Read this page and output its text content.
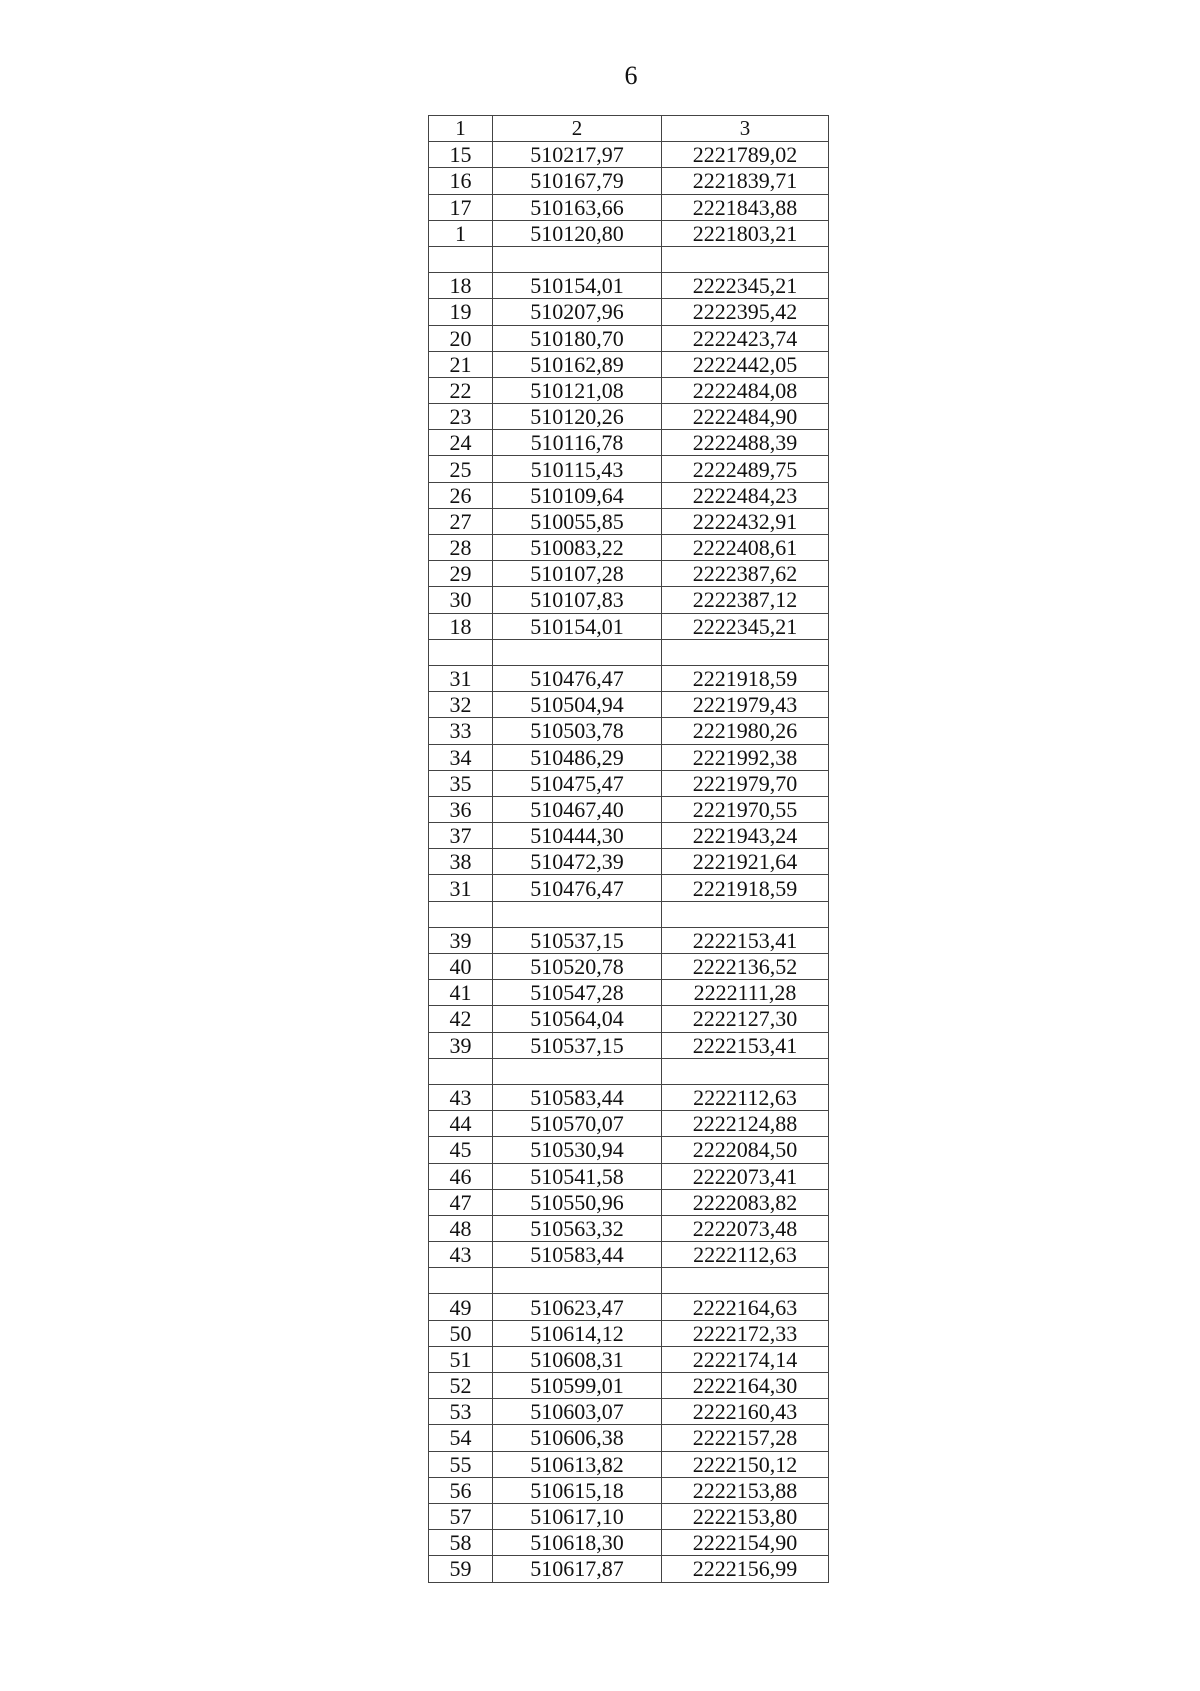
6
1	2	3
15	510217,97	2221789,02
16	510167,79	2221839,71
17	510163,66	2221843,88
1	510120,80	2221803,21

18	510154,01	2222345,21
19	510207,96	2222395,42
20	510180,70	2222423,74
21	510162,89	2222442,05
22	510121,08	2222484,08
23	510120,26	2222484,90
24	510116,78	2222488,39
25	510115,43	2222489,75
26	510109,64	2222484,23
27	510055,85	2222432,91
28	510083,22	2222408,61
29	510107,28	2222387,62
30	510107,83	2222387,12
18	510154,01	2222345,21

31	510476,47	2221918,59
32	510504,94	2221979,43
33	510503,78	2221980,26
34	510486,29	2221992,38
35	510475,47	2221979,70
36	510467,40	2221970,55
37	510444,30	2221943,24
38	510472,39	2221921,64
31	510476,47	2221918,59

39	510537,15	2222153,41
40	510520,78	2222136,52
41	510547,28	2222111,28
42	510564,04	2222127,30
39	510537,15	2222153,41

43	510583,44	2222112,63
44	510570,07	2222124,88
45	510530,94	2222084,50
46	510541,58	2222073,41
47	510550,96	2222083,82
48	510563,32	2222073,48
43	510583,44	2222112,63

49	510623,47	2222164,63
50	510614,12	2222172,33
51	510608,31	2222174,14
52	510599,01	2222164,30
53	510603,07	2222160,43
54	510606,38	2222157,28
55	510613,82	2222150,12
56	510615,18	2222153,88
57	510617,10	2222153,80
58	510618,30	2222154,90
59	510617,87	2222156,99
